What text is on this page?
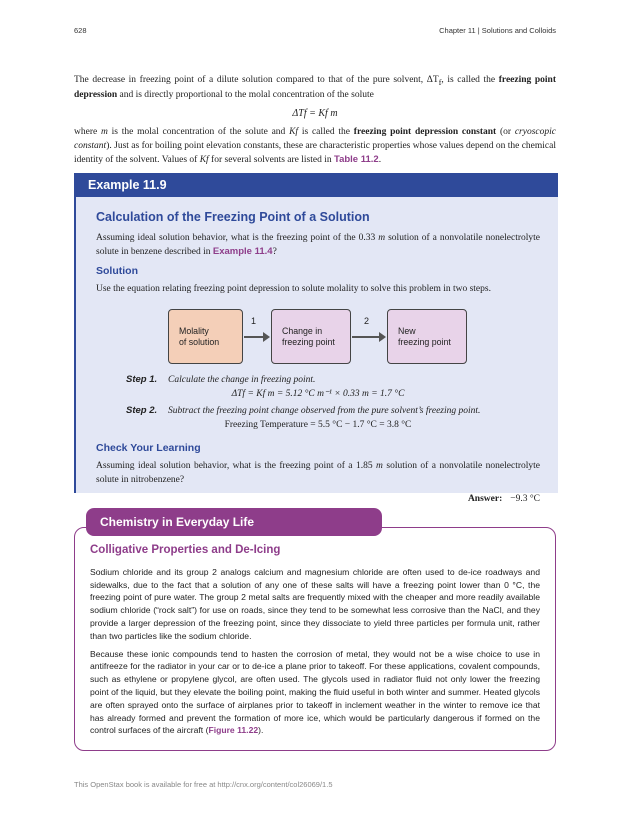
628	Chapter 11 | Solutions and Colloids

The decrease in freezing point of a dilute solution compared to that of the pure solvent, $\Delta T_f$, is called the freezing point depression and is directly proportional to the molal concentration of the solute

ΔTf = Kf m

where m is the molal concentration of the solute and Kf is called the freezing point depression constant (or cryoscopic constant). Just as for boiling point elevation constants, these are characteristic properties whose values depend on the chemical identity of the solvent. Values of Kf for several solvents are listed in Table 11.2.

Example 11.9
Calculation of the Freezing Point of a Solution

Assuming ideal solution behavior, what is the freezing point of the 0.33 m solution of a nonvolatile nonelectrolyte solute in benzene described in Example 11.4?

Solution

Use the equation relating freezing point depression to solute molality to solve this problem in two steps.

Molality
of solution
1
Change in
freezing point
2
New
freezing point
Step 1. Calculate the change in freezing point.
ΔTf = Kf m = 5.12 °C m⁻¹ × 0.33 m = 1.7 °C
Step 2. Subtract the freezing point change observed from the pure solvent’s freezing point.
Freezing Temperature = 5.5 °C − 1.7 °C = 3.8 °C
Check Your Learning

Assuming ideal solution behavior, what is the freezing point of a 1.85 m solution of a nonvolatile nonelectrolyte solute in nitrobenzene?

Answer: −9.3 °C
Chemistry in Everyday Life
Colligative Properties and De-Icing

Sodium chloride and its group 2 analogs calcium and magnesium chloride are often used to de-ice roadways and sidewalks, due to the fact that a solution of any one of these salts will have a freezing point lower than 0 °C, the freezing point of pure water. The group 2 metal salts are frequently mixed with the cheaper and more readily available sodium chloride (“rock salt”) for use on roads, since they tend to be somewhat less corrosive than the NaCl, and they provide a larger depression of the freezing point, since they dissociate to yield three particles per formula unit, rather than two particles like the sodium chloride.

Because these ionic compounds tend to hasten the corrosion of metal, they would not be a wise choice to use in antifreeze for the radiator in your car or to de-ice a plane prior to takeoff. For these applications, covalent compounds, such as ethylene or propylene glycol, are often used. The glycols used in radiator fluid not only lower the freezing point of the liquid, but they elevate the boiling point, making the fluid useful in both winter and summer. Heated glycols are often sprayed onto the surface of airplanes prior to takeoff in inclement weather in the winter to remove ice that has already formed and prevent the formation of more ice, which would be particularly dangerous if formed on the control surfaces of the aircraft (Figure 11.22).

This OpenStax book is available for free at http://cnx.org/content/col26069/1.5
